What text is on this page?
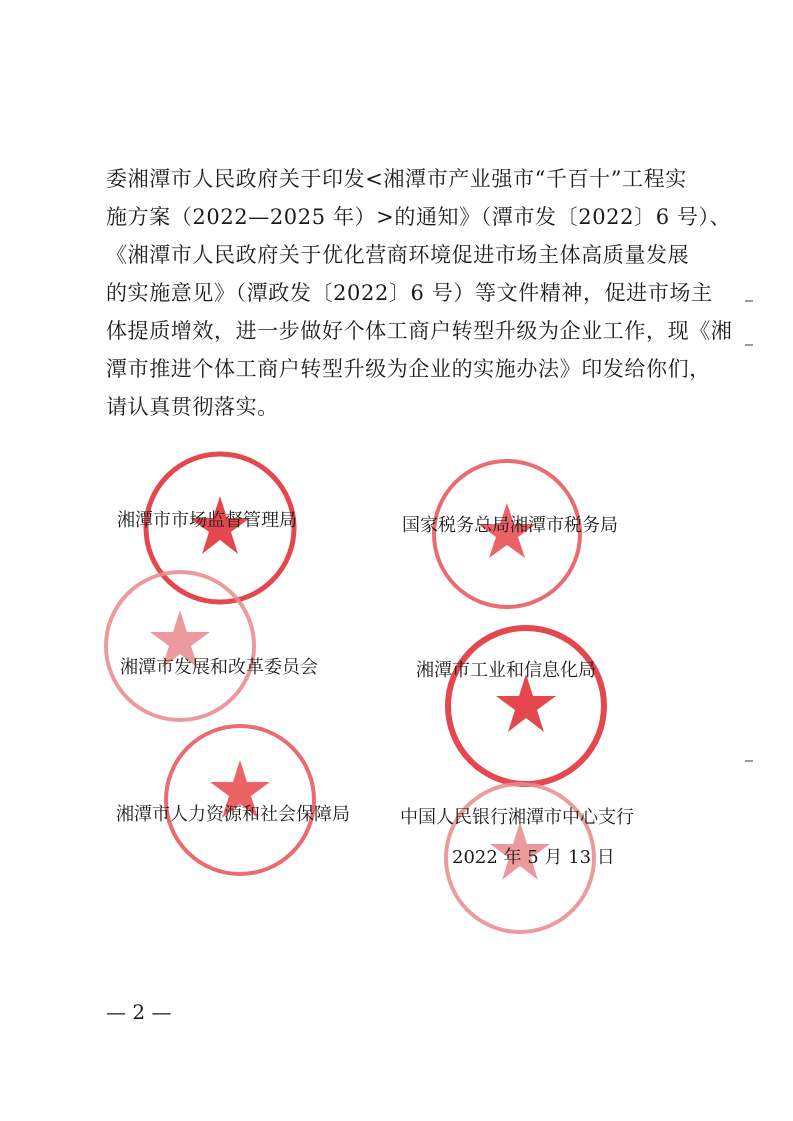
委湘潭市人民政府关于印发<湘潭市产业强市“千百十”工程实

施方案（2022—2025 年）>的通知》（潭市发〔2022〕6 号）、

《湘潭市人民政府关于优化营商环境促进市场主体高质量发展

的实施意见》（潭政发〔2022〕6 号）等文件精神，促进市场主

体提质增效，进一步做好个体工商户转型升级为企业工作，现《湘

潭市推进个体工商户转型升级为企业的实施办法》印发给你们，

请认真贯彻落实。

湘潭市市场监督管理局	国家税务总局湘潭市税务局
湘潭市发展和改革委员会	湘潭市工业和信息化局
湘潭市人力资源和社会保障局	中国人民银行湘潭市中心支行
2022 年 5 月 13 日
— 2 —
